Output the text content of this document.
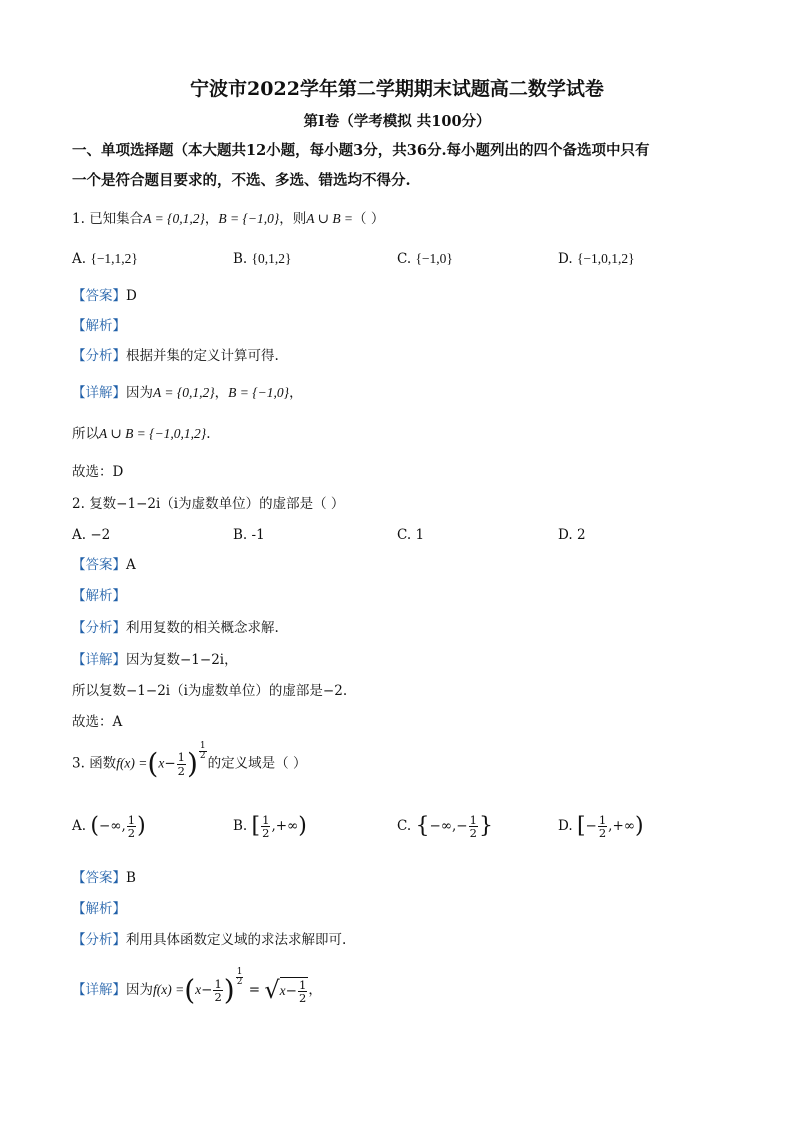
宁波市2022学年第二学期期末试题高二数学试卷
第I卷（学考模拟 共100分）
一、单项选择题（本大题共12小题，每小题3分，共36分.每小题列出的四个备选项中只有
一个是符合题目要求的，不选、多选、错选均不得分.
1. 已知集合A = {0,1,2}，B = {−1,0}，则A ∪ B =（ ）
A. {−1,1,2}	B. {0,1,2}	C. {−1,0}	D. {−1,0,1,2}
【答案】D
【解析】
【分析】根据并集的定义计算可得.
【详解】因为A = {0,1,2}，B = {−1,0}，
所以A ∪ B = {−1,0,1,2}.
故选：D
2. 复数−1−2i（i为虚数单位）的虚部是（ ）
A. −2	B. -1	C. 1	D. 2
【答案】A
【解析】
【分析】利用复数的相关概念求解.
【详解】因为复数−1−2i，
所以复数−1−2i（i为虚数单位）的虚部是−2.
故选：A
3. 函数$f(x) =(x- \frac{1}{2}$ ) $\frac{1}{2}$
的定义域是（ ）
A. (−∞, $\frac{1}{2}$ )	B. [ $\frac{1}{2}$ ,+∞)	C. {−∞,− $\frac{1}{2}$ }	D. [− $\frac{1}{2}$ ,+∞)
【答案】B
【解析】
【分析】利用具体函数定义域的求法求解即可.
【详解】因为$f(x) =(x- \frac{1}{2}$ ) $\frac{1}{2}$
= $√x- \frac{1}{2}$ ，
